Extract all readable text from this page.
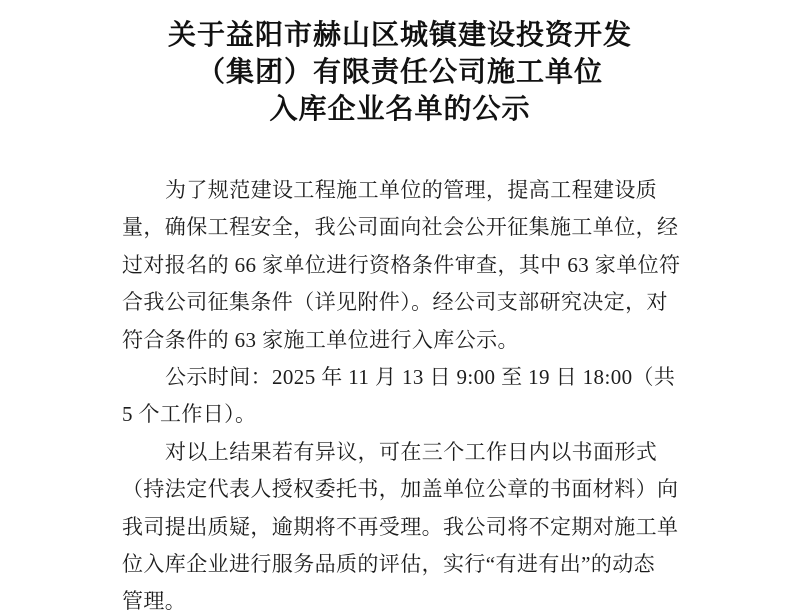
关于益阳市赫山区城镇建设投资开发
（集团）有限责任公司施工单位
入库企业名单的公示
为了规范建设工程施工单位的管理，提高工程建设质
量，确保工程安全，我公司面向社会公开征集施工单位，经
过对报名的 66 家单位进行资格条件审查，其中 63 家单位符
合我公司征集条件（详见附件）。经公司支部研究决定，对
符合条件的 63 家施工单位进行入库公示。
公示时间：2025 年 11 月 13 日 9:00 至 19 日 18:00（共
5 个工作日）。
对以上结果若有异议，可在三个工作日内以书面形式
（持法定代表人授权委托书，加盖单位公章的书面材料）向
我司提出质疑，逾期将不再受理。我公司将不定期对施工单
位入库企业进行服务品质的评估，实行“有进有出”的动态
管理。
